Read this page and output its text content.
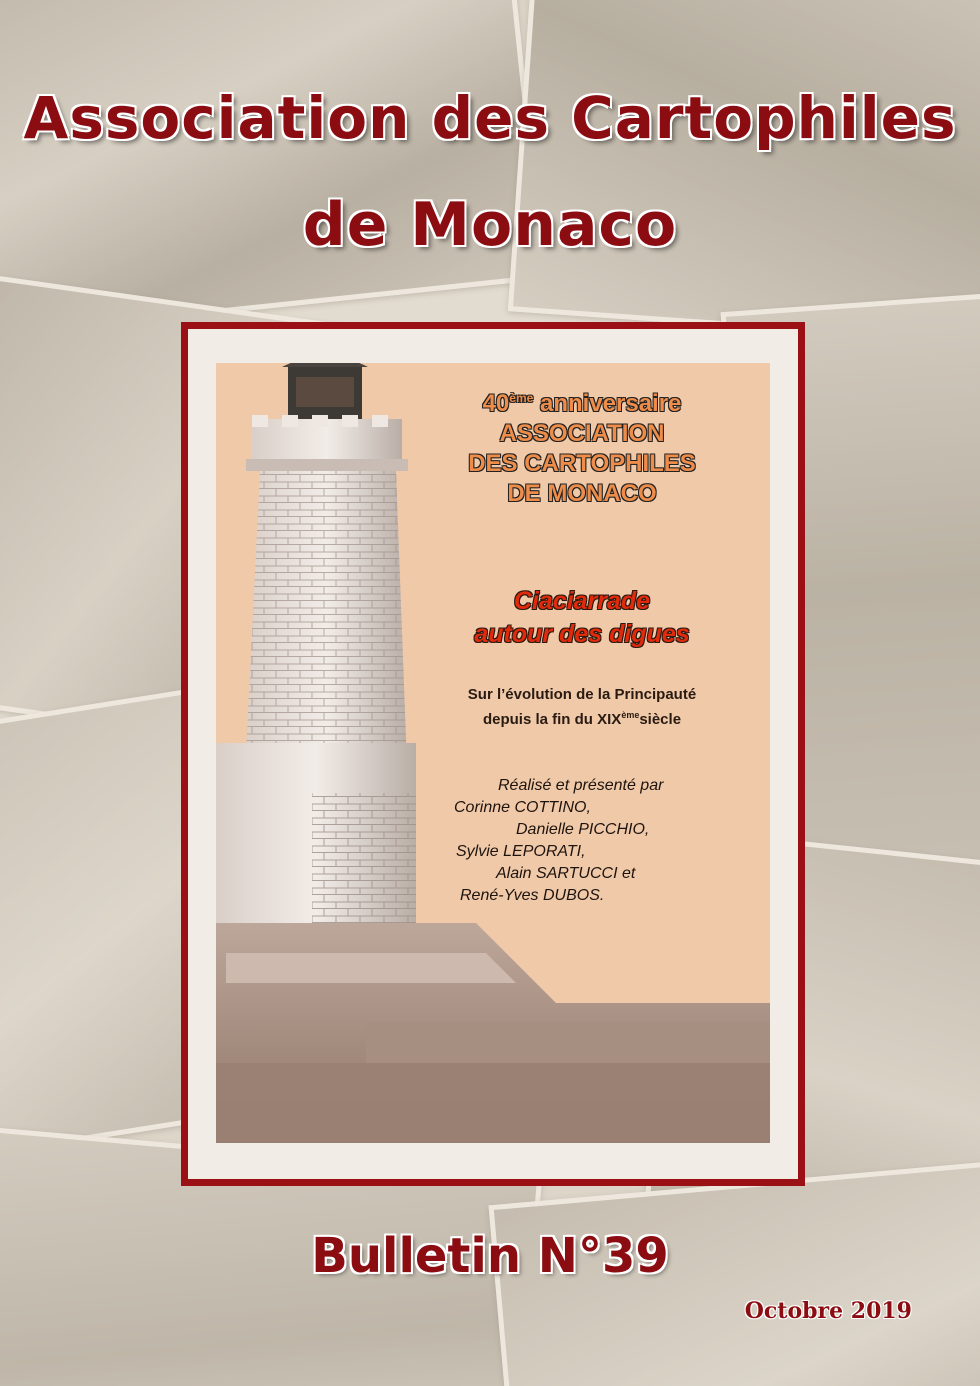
Association des Cartophiles
de Monaco
40ème anniversaire
ASSOCIATION
DES CARTOPHILES
DE MONACO
Ciaciarrade
autour des digues
Sur l’évolution de la Principauté
depuis la fin du XIXèmesiècle
Réalisé et présenté par
Corinne COTTINO,
Danielle PICCHIO,
Sylvie LEPORATI,
Alain SARTUCCI et
René-Yves DUBOS.
Bulletin N°39

Octobre 2019
